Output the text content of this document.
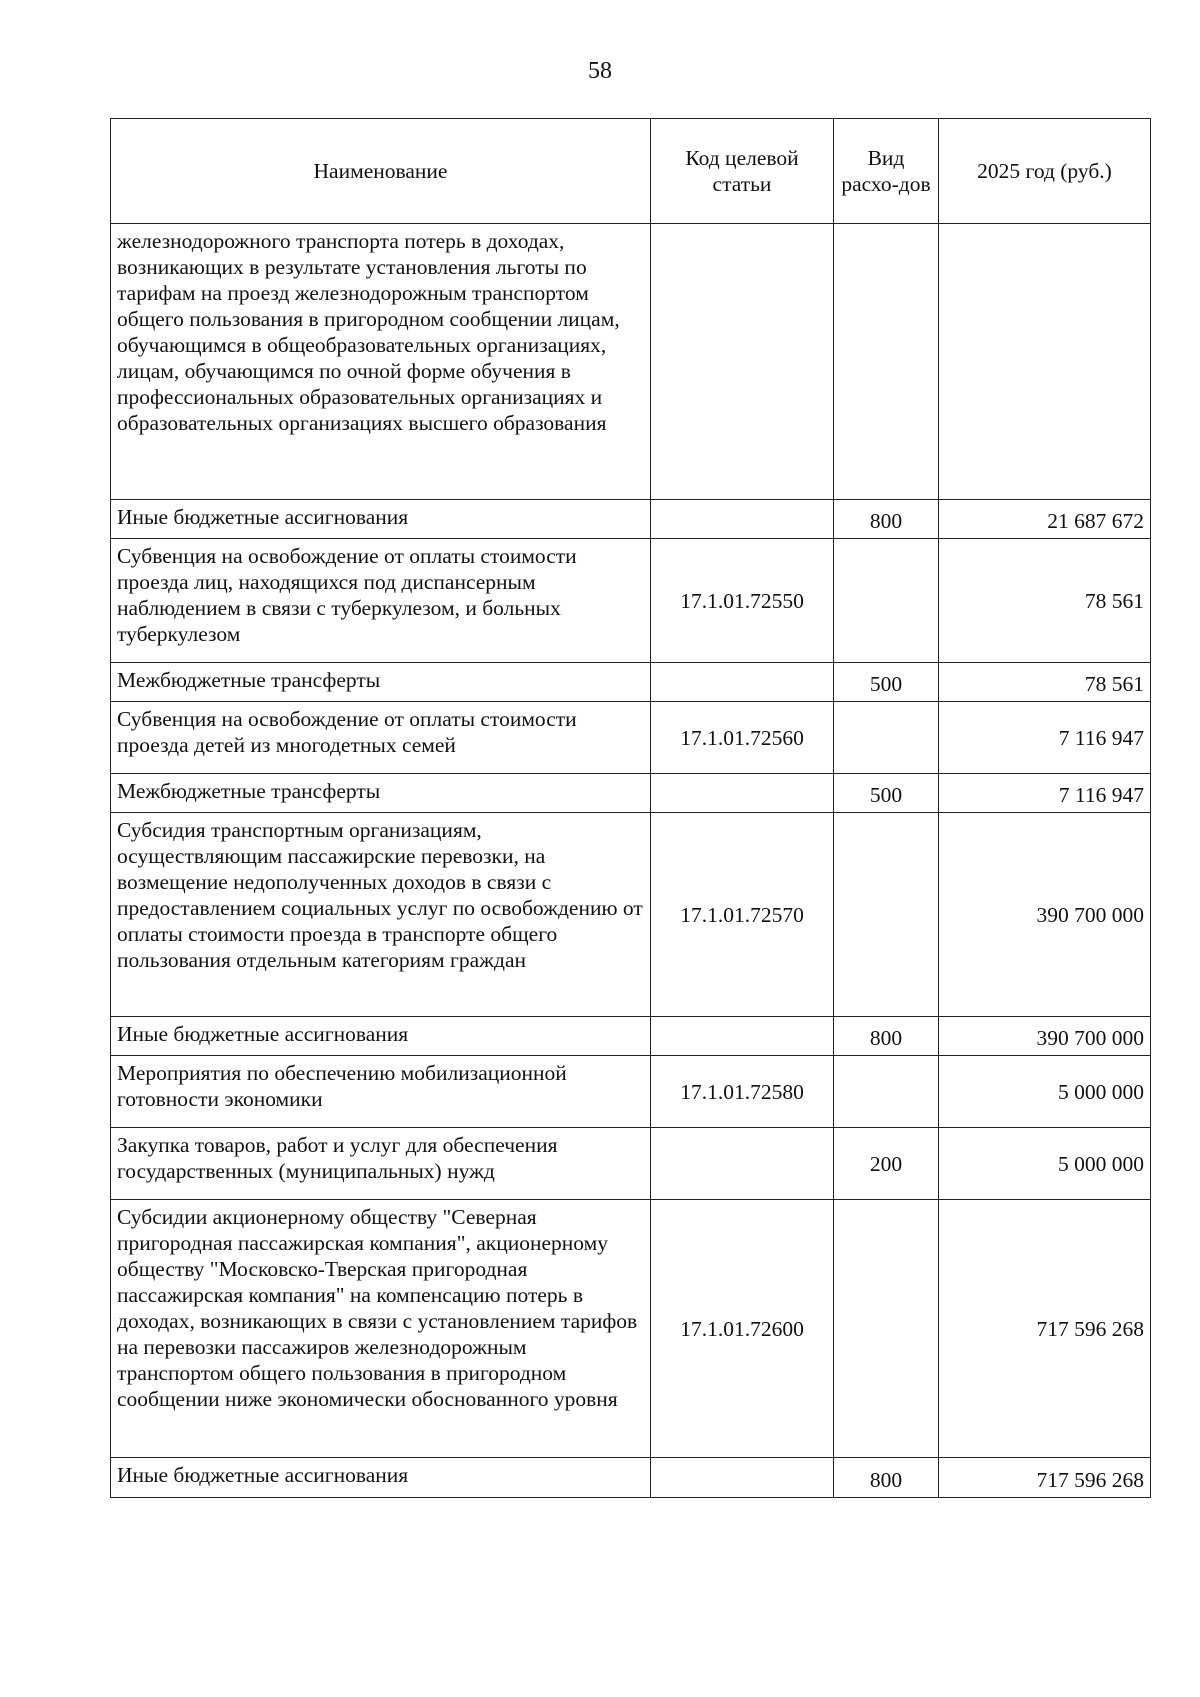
58
Наименование	Код целевой статьи	Вид расхо-дов	2025 год (руб.)
железнодорожного транспорта потерь в доходах, возникающих в результате установления льготы по тарифам на проезд железнодорожным транспортом общего пользования в пригородном сообщении лицам, обучающимся в общеобразовательных организациях, лицам, обучающимся по очной форме обучения в профессиональных образовательных организациях и образовательных организациях высшего образования			
Иные бюджетные ассигнования		800	21 687 672
Субвенция на освобождение от оплаты стоимости проезда лиц, находящихся под диспансерным наблюдением в связи с туберкулезом, и больных туберкулезом	17.1.01.72550		78 561
Межбюджетные трансферты		500	78 561
Субвенция на освобождение от оплаты стоимости проезда детей из многодетных семей	17.1.01.72560		7 116 947
Межбюджетные трансферты		500	7 116 947
Субсидия транспортным организациям, осуществляющим пассажирские перевозки, на возмещение недополученных доходов в связи с предоставлением социальных услуг по освобождению от оплаты стоимости проезда в транспорте общего пользования отдельным категориям граждан	17.1.01.72570		390 700 000
Иные бюджетные ассигнования		800	390 700 000
Мероприятия по обеспечению мобилизационной готовности экономики	17.1.01.72580		5 000 000
Закупка товаров, работ и услуг для обеспечения государственных (муниципальных) нужд		200	5 000 000
Субсидии акционерному обществу "Северная пригородная пассажирская компания", акционерному обществу "Московско-Тверская пригородная пассажирская компания" на компенсацию потерь в доходах, возникающих в связи с установлением тарифов на перевозки пассажиров железнодорожным транспортом общего пользования в пригородном сообщении ниже экономически обоснованного уровня	17.1.01.72600		717 596 268
Иные бюджетные ассигнования		800	717 596 268
